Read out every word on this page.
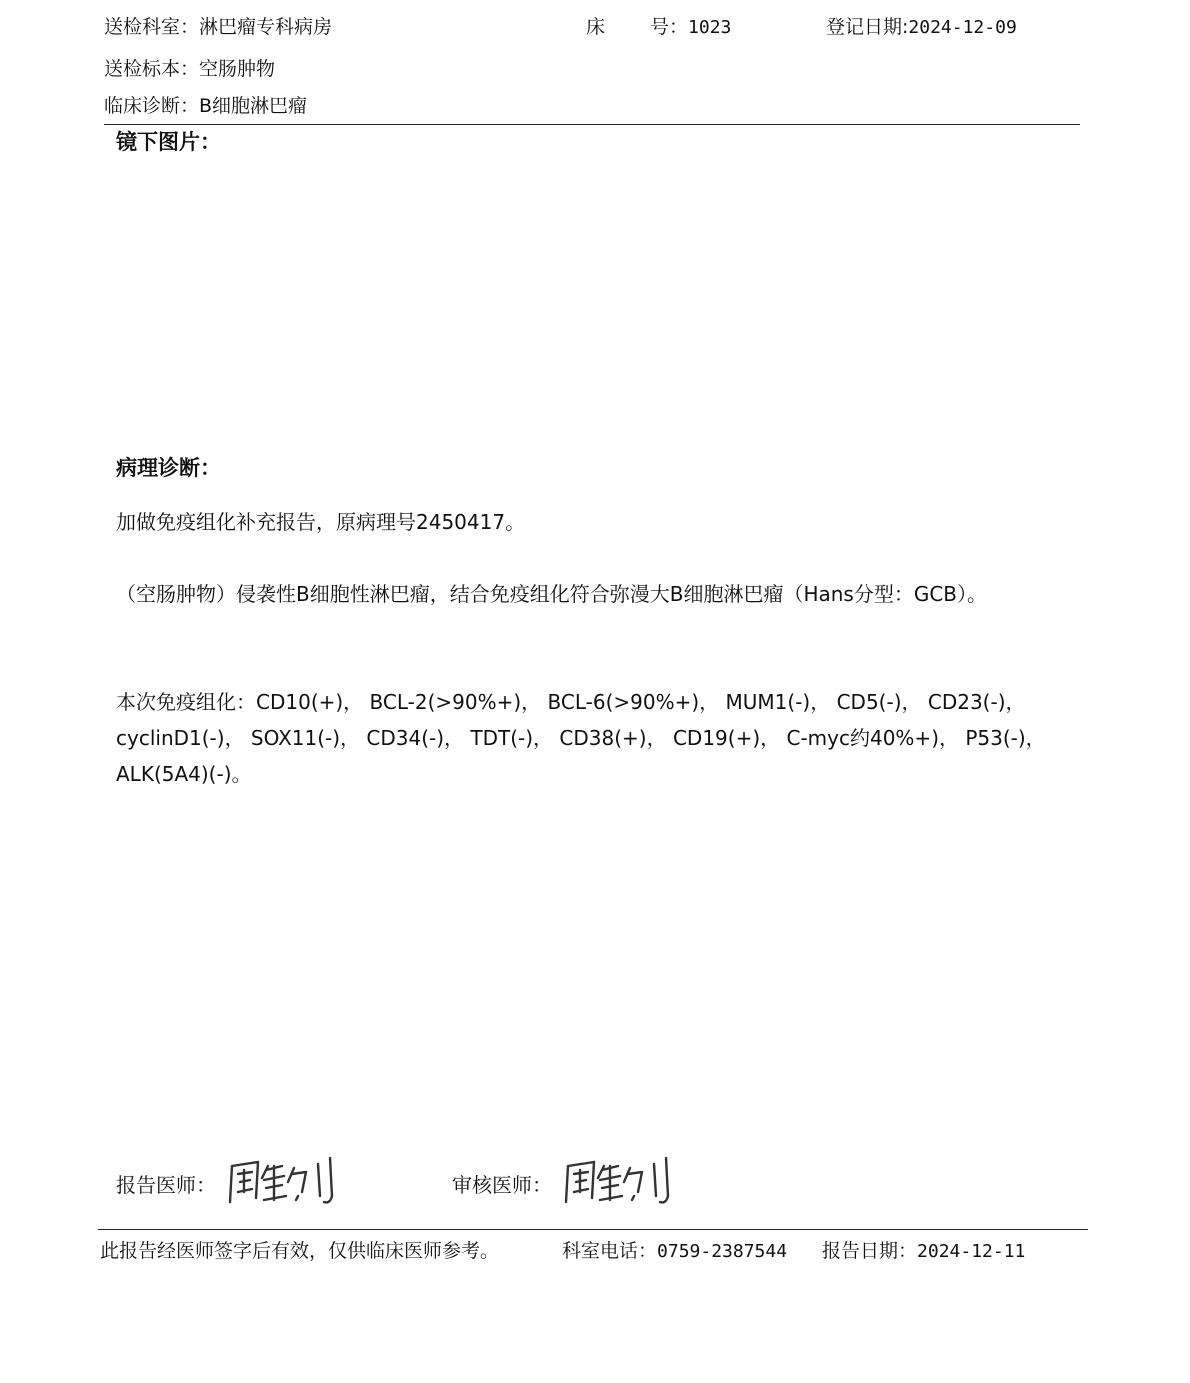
送检科室：淋巴瘤专科病房	床 号：1023	登记日期:2024-12-09
送检标本：空肠肿物
临床诊断：B细胞淋巴瘤
镜下图片：
病理诊断：
加做免疫组化补充报告，原病理号2450417。
（空肠肿物）侵袭性B细胞性淋巴瘤，结合免疫组化符合弥漫大B细胞淋巴瘤（Hans分型：GCB）。
本次免疫组化：CD10(+)， BCL-2(>90%+)， BCL-6(>90%+)， MUM1(-)， CD5(-)， CD23(-)， cyclinD1(-)， SOX11(-)， CD34(-)， TDT(-)， CD38(+)， CD19(+)， C-myc约40%+)， P53(-)， ALK(5A4)(-)。
报告医师：	审核医师：
此报告经医师签字后有效，仅供临床医师参考。	科室电话：0759-2387544 报告日期：2024-12-11
